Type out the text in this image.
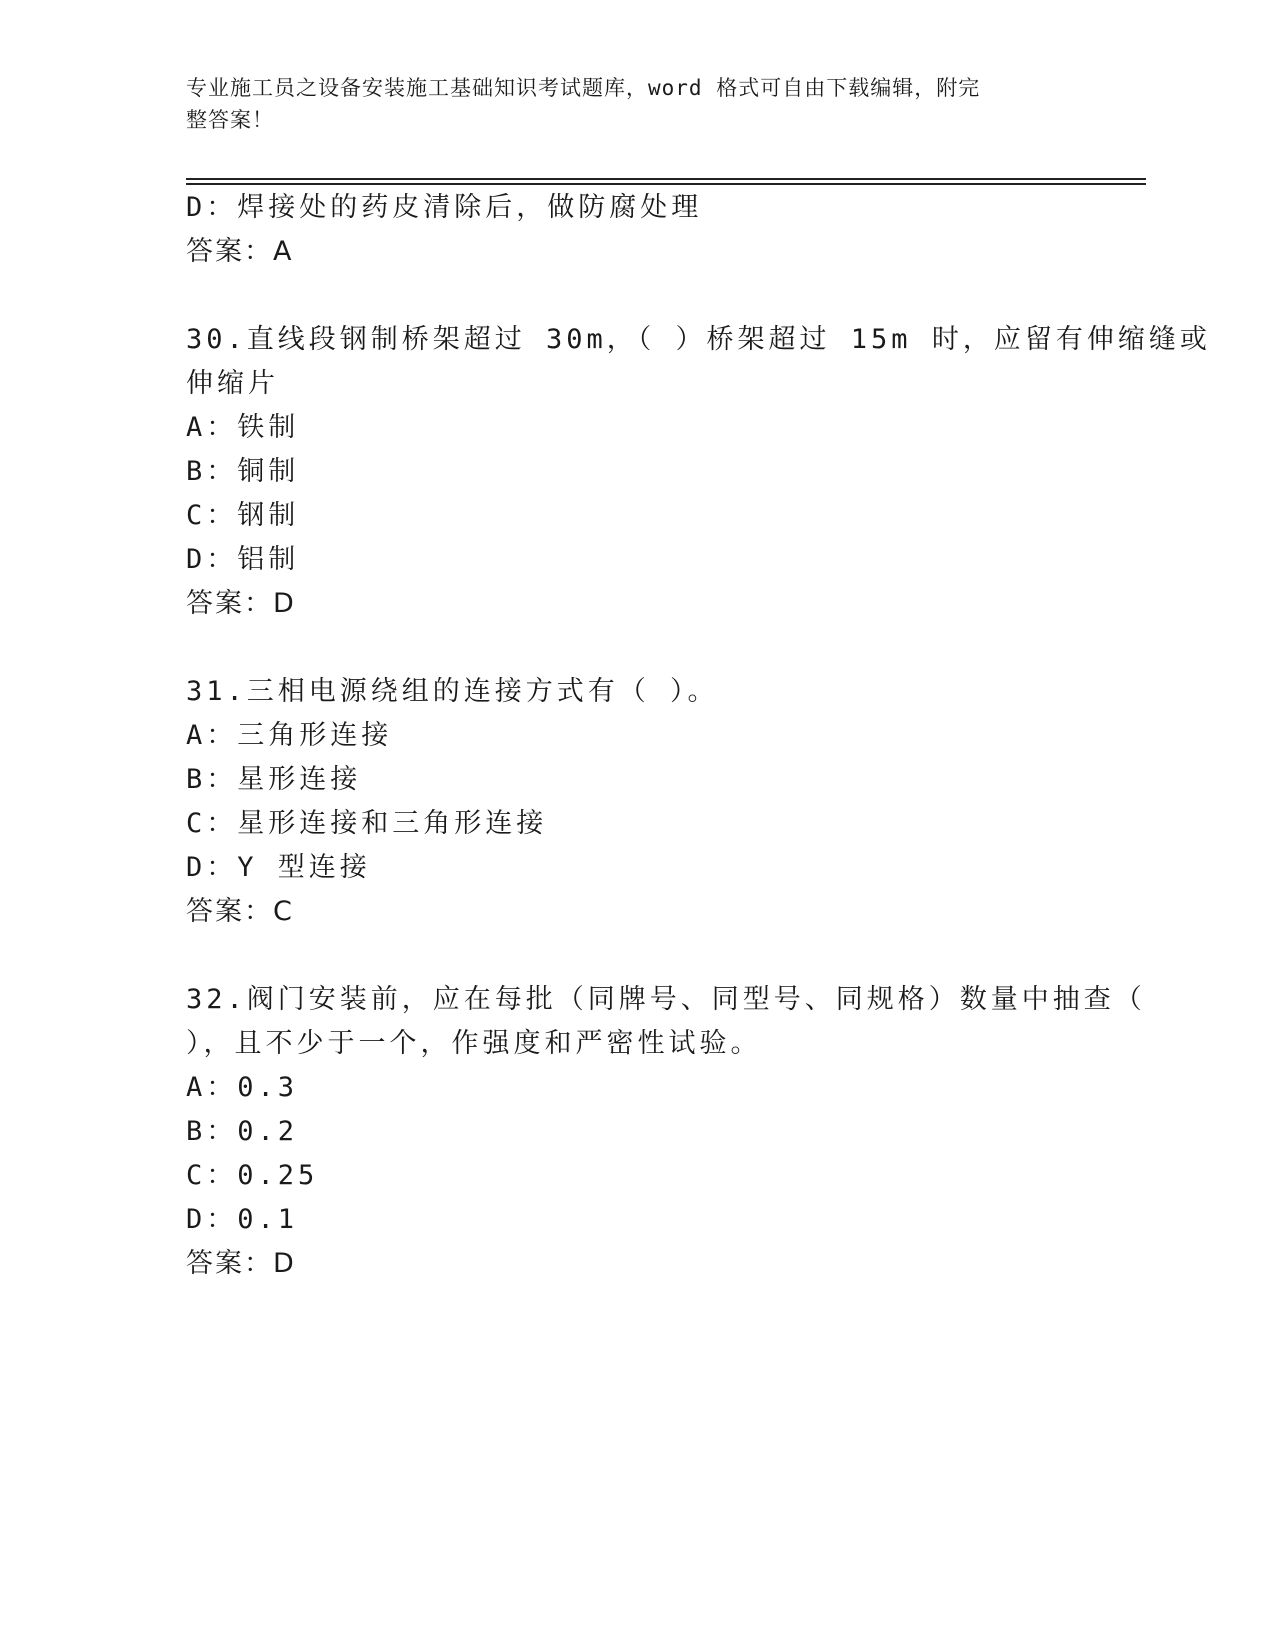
专业施工员之设备安装施工基础知识考试题库，word 格式可自由下载编辑，附完
整答案！
D：焊接处的药皮清除后，做防腐处理
答案：A
30.直线段钢制桥架超过 30m，（ ）桥架超过 15m 时，应留有伸缩缝或
伸缩片
A：铁制
B：铜制
C：钢制
D：铝制
答案：D
31.三相电源绕组的连接方式有（ ）。
A：三角形连接
B：星形连接
C：星形连接和三角形连接
D：Y 型连接
答案：C
32.阀门安装前，应在每批（同牌号、同型号、同规格）数量中抽查（
），且不少于一个，作强度和严密性试验。
A：0.3
B：0.2
C：0.25
D：0.1
答案：D
